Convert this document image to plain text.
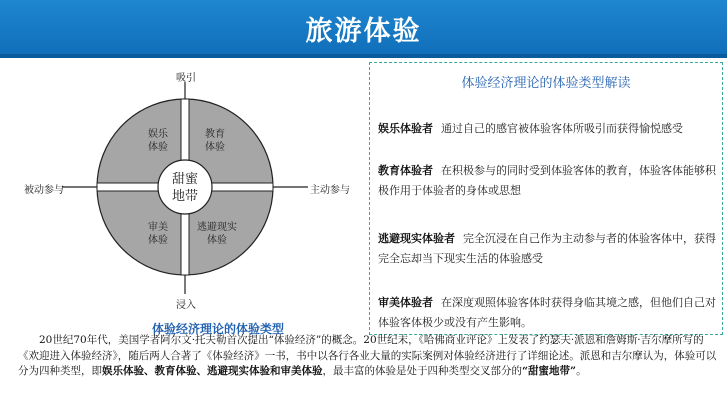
旅游体验
吸引
浸入
被动参与	主动参与
娱乐体验
教育体验
审美体验
逃避现实体验
甜蜜地带
体验经济理论的体验类型
体验经济理论的体验类型解读
娱乐体验者 通过自己的感官被体验客体所吸引而获得愉悦感受
教育体验者 在积极参与的同时受到体验客体的教育，体验客体能够积极作用于体验者的身体或思想
逃避现实体验者 完全沉浸在自己作为主动参与者的体验客体中，获得完全忘却当下现实生活的体验感受
审美体验者 在深度观照体验客体时获得身临其境之感，但他们自己对体验客体极少或没有产生影响。
20世纪70年代，美国学者阿尔文·托夫勒首次提出“体验经济”的概念。20世纪末，《哈佛商业评论》上发表了约瑟夫·派恩和詹姆斯·吉尔摩所写的《欢迎进入体验经济》，随后两人合著了《体验经济》一书，书中以各行各业大量的实际案例对体验经济进行了详细论述。派恩和吉尔摩认为，体验可以分为四种类型，即娱乐体验、教育体验、逃避现实体验和审美体验，最丰富的体验是处于四种类型交叉部分的“甜蜜地带”。
